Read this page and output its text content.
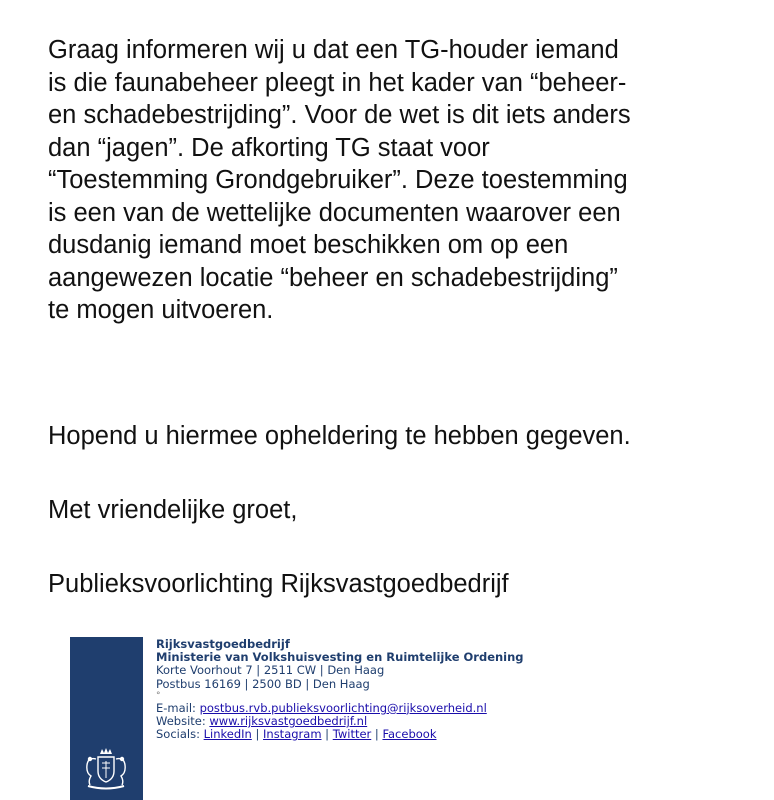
Graag informeren wij u dat een TG-houder iemand
is die faunabeheer pleegt in het kader van “beheer-
en schadebestrijding”. Voor de wet is dit iets anders
dan “jagen”. De afkorting TG staat voor
“Toestemming Grondgebruiker”. Deze toestemming
is een van de wettelijke documenten waarover een
dusdanig iemand moet beschikken om op een
aangewezen locatie “beheer en schadebestrijding”
te mogen uitvoeren.

Hopend u hiermee opheldering te hebben gegeven.

Met vriendelijke groet,

Publieksvoorlichting Rijksvastgoedbedrijf

Rijksvastgoedbedrijf
Ministerie van Volkshuisvesting en Ruimtelijke Ordening
Korte Voorhout 7 | 2511 CW | Den Haag
Postbus 16169 | 2500 BD | Den Haag
°
E-mail: postbus.rvb.publieksvoorlichting@rijksoverheid.nl
Website: www.rijksvastgoedbedrijf.nl
Socials: LinkedIn | Instagram | Twitter | Facebook
